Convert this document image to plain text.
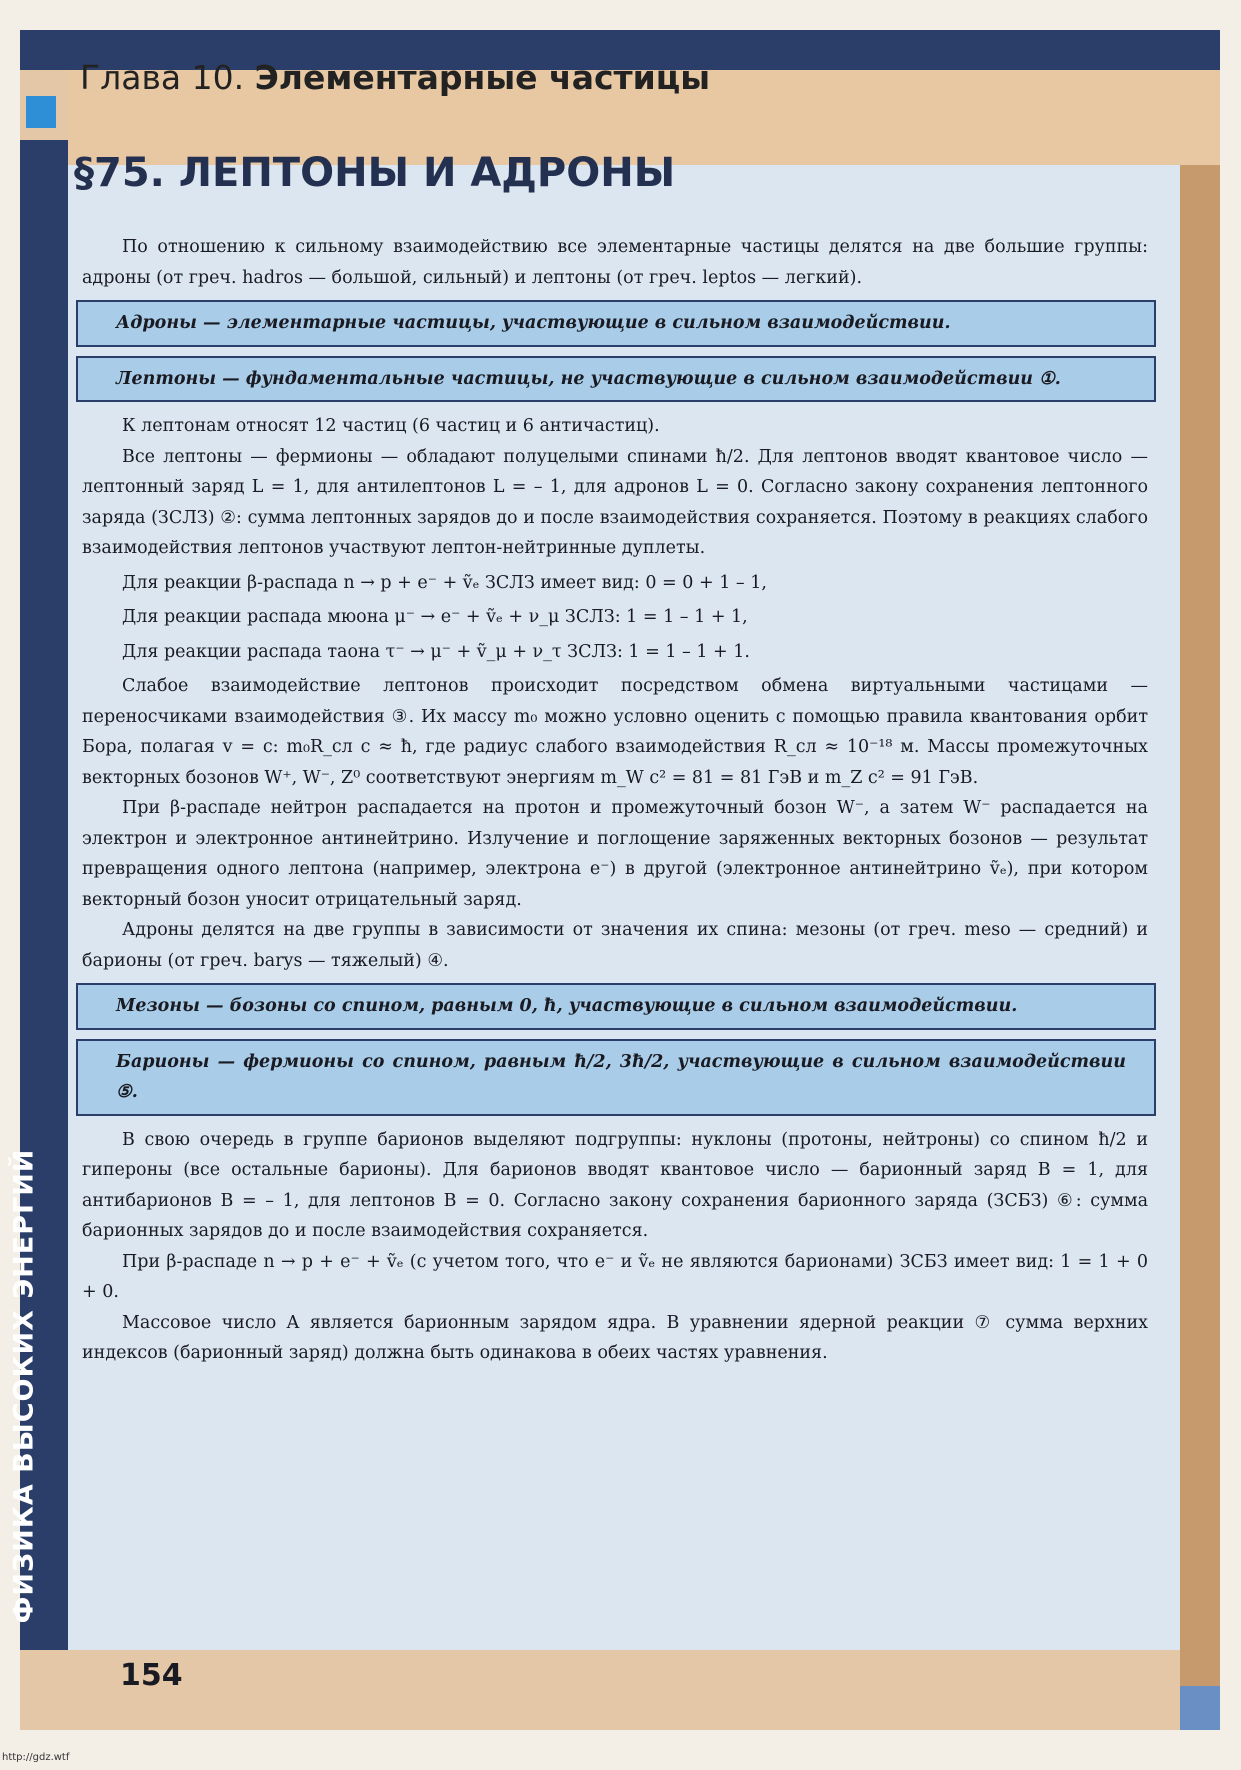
Глава 10. Элементарные частицы
ФИЗИКА ВЫСОКИХ ЭНЕРГИЙ
§75. ЛЕПТОНЫ И АДРОНЫ

По отношению к сильному взаимодействию все элементарные частицы делятся на две большие группы: адроны (от греч. hadros — большой, сильный) и лептоны (от греч. leptos — легкий).

Адроны — элементарные частицы, участвующие в сильном взаимодействии.
Лептоны — фундаментальные частицы, не участвующие в сильном взаимодействии ①.

К лептонам относят 12 частиц (6 частиц и 6 античастиц).

Все лептоны — фермионы — обладают полуцелыми спинами ħ/2. Для лептонов вводят квантовое число — лептонный заряд L = 1, для антилептонов L = – 1, для адронов L = 0. Согласно закону сохранения лептонного заряда (ЗСЛЗ) ②: сумма лептонных зарядов до и после взаимодействия сохраняется. Поэтому в реакциях слабого взаимодействия лептонов участвуют лептон-нейтринные дуплеты.

Для реакции β-распада n → p + e⁻ + ṽₑ ЗСЛЗ имеет вид: 0 = 0 + 1 – 1,

Для реакции распада мюона μ⁻ → e⁻ + ṽₑ + ν_μ ЗСЛЗ: 1 = 1 – 1 + 1,

Для реакции распада таона τ⁻ → μ⁻ + ṽ_μ + ν_τ ЗСЛЗ: 1 = 1 – 1 + 1.

Слабое взаимодействие лептонов происходит посредством обмена виртуальными частицами — переносчиками взаимодействия ③. Их массу m₀ можно условно оценить с помощью правила квантования орбит Бора, полагая v = c: m₀R_сл c ≈ ħ, где радиус слабого взаимодействия R_сл ≈ 10⁻¹⁸ м. Массы промежуточных векторных бозонов W⁺, W⁻, Z⁰ соответствуют энергиям m_W c² = 81 = 81 ГэВ и m_Z c² = 91 ГэВ.

При β-распаде нейтрон распадается на протон и промежуточный бозон W⁻, а затем W⁻ распадается на электрон и электронное антинейтрино. Излучение и поглощение заряженных векторных бозонов — результат превращения одного лептона (например, электрона e⁻) в другой (электронное антинейтрино ṽₑ), при котором векторный бозон уносит отрицательный заряд.

Адроны делятся на две группы в зависимости от значения их спина: мезоны (от греч. meso — средний) и барионы (от греч. barys — тяжелый) ④.

Мезоны — бозоны со спином, равным 0, ħ, участвующие в сильном взаимодействии.
Барионы — фермионы со спином, равным ħ/2, 3ħ/2, участвующие в сильном взаимодействии ⑤.

В свою очередь в группе барионов выделяют подгруппы: нуклоны (протоны, нейтроны) со спином ħ/2 и гипероны (все остальные барионы). Для барионов вводят квантовое число — барионный заряд B = 1, для антибарионов B = – 1, для лептонов B = 0. Согласно закону сохранения барионного заряда (ЗСБЗ) ⑥: сумма барионных зарядов до и после взаимодействия сохраняется.

При β-распаде n → p + e⁻ + ṽₑ (с учетом того, что e⁻ и ṽₑ не являются барионами) ЗСБЗ имеет вид: 1 = 1 + 0 + 0.

Массовое число A является барионным зарядом ядра. В уравнении ядерной реакции ⑦ сумма верхних индексов (барионный заряд) должна быть одинакова в обеих частях уравнения.

154

http://gdz.wtf
